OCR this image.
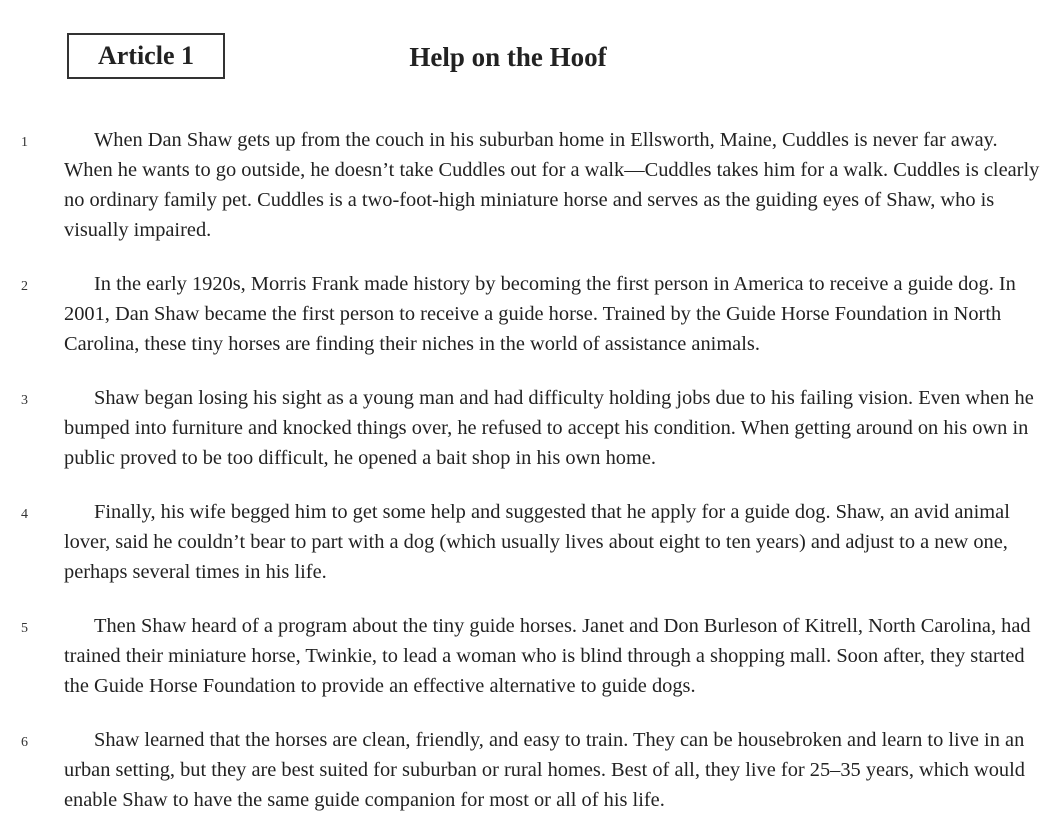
Article 1	Help on the Hoof
1	When Dan Shaw gets up from the couch in his suburban home in Ellsworth, Maine, Cuddles is never far away. When he wants to go outside, he doesn’t take Cuddles out for a walk—Cuddles takes him for a walk. Cuddles is clearly no ordinary family pet. Cuddles is a two-foot-high miniature horse and serves as the guiding eyes of Shaw, who is visually impaired.

2	In the early 1920s, Morris Frank made history by becoming the first person in America to receive a guide dog. In 2001, Dan Shaw became the first person to receive a guide horse. Trained by the Guide Horse Foundation in North Carolina, these tiny horses are finding their niches in the world of assistance animals.

3	Shaw began losing his sight as a young man and had difficulty holding jobs due to his failing vision. Even when he bumped into furniture and knocked things over, he refused to accept his condition. When getting around on his own in public proved to be too difficult, he opened a bait shop in his own home.

4	Finally, his wife begged him to get some help and suggested that he apply for a guide dog. Shaw, an avid animal lover, said he couldn’t bear to part with a dog (which usually lives about eight to ten years) and adjust to a new one, perhaps several times in his life.

5	Then Shaw heard of a program about the tiny guide horses. Janet and Don Burleson of Kitrell, North Carolina, had trained their miniature horse, Twinkie, to lead a woman who is blind through a shopping mall. Soon after, they started the Guide Horse Foundation to provide an effective alternative to guide dogs.

6	Shaw learned that the horses are clean, friendly, and easy to train. They can be housebroken and learn to live in an urban setting, but they are best suited for suburban or rural homes. Best of all, they live for 25–35 years, which would enable Shaw to have the same guide companion for most or all of his life.
